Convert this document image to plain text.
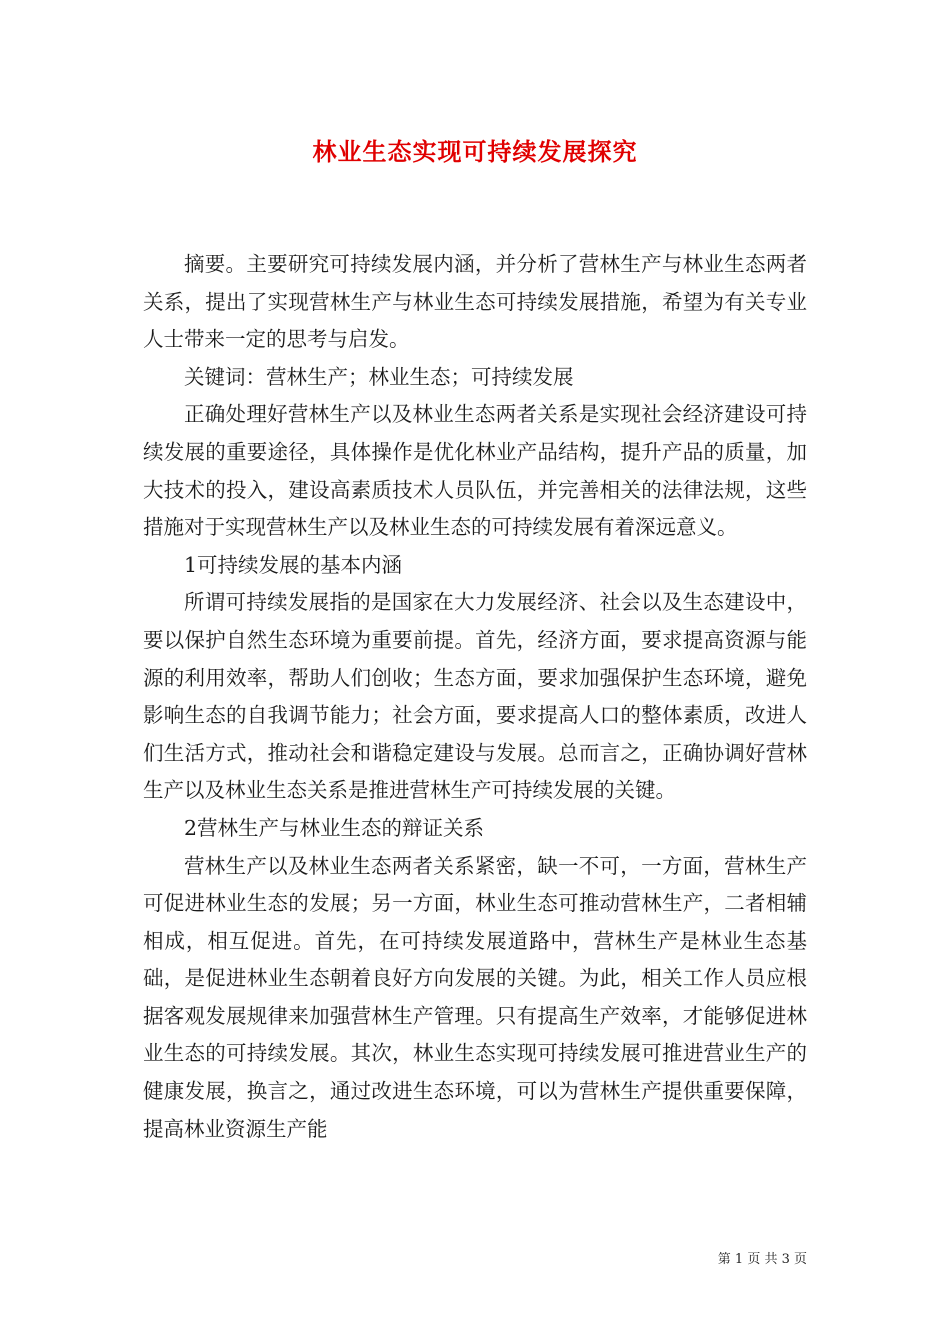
林业生态实现可持续发展探究

摘要。主要研究可持续发展内涵，并分析了营林生产与林业生态两者关系，提出了实现营林生产与林业生态可持续发展措施，希望为有关专业人士带来一定的思考与启发。

关键词：营林生产；林业生态；可持续发展

正确处理好营林生产以及林业生态两者关系是实现社会经济建设可持续发展的重要途径，具体操作是优化林业产品结构，提升产品的质量，加大技术的投入，建设高素质技术人员队伍，并完善相关的法律法规，这些措施对于实现营林生产以及林业生态的可持续发展有着深远意义。

1可持续发展的基本内涵

所谓可持续发展指的是国家在大力发展经济、社会以及生态建设中，要以保护自然生态环境为重要前提。首先，经济方面，要求提高资源与能源的利用效率，帮助人们创收；生态方面，要求加强保护生态环境，避免影响生态的自我调节能力；社会方面，要求提高人口的整体素质，改进人们生活方式，推动社会和谐稳定建设与发展。总而言之，正确协调好营林生产以及林业生态关系是推进营林生产可持续发展的关键。

2营林生产与林业生态的辩证关系

营林生产以及林业生态两者关系紧密，缺一不可，一方面，营林生产可促进林业生态的发展；另一方面，林业生态可推动营林生产，二者相辅相成，相互促进。首先，在可持续发展道路中，营林生产是林业生态基础，是促进林业生态朝着良好方向发展的关键。为此，相关工作人员应根据客观发展规律来加强营林生产管理。只有提高生产效率，才能够促进林业生态的可持续发展。其次，林业生态实现可持续发展可推进营业生产的健康发展，换言之，通过改进生态环境，可以为营林生产提供重要保障，提高林业资源生产能

第 1 页 共 3 页
